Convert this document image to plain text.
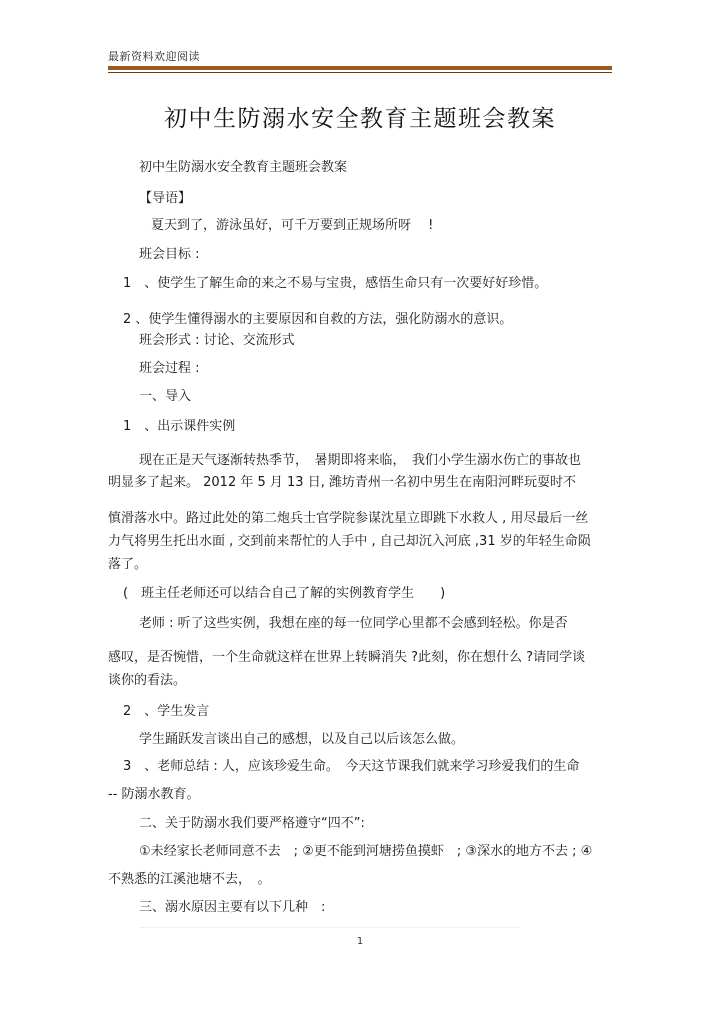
最新资料欢迎阅读
初中生防溺水安全教育主题班会教案
初中生防溺水安全教育主题班会教案
【导语】
夏天到了，游泳虽好，可千万要到正规场所呀　 !
班会目标 :
1　、使学生了解生命的来之不易与宝贵，感悟生命只有一次要好好珍惜。
2 、使学生懂得溺水的主要原因和自救的方法，强化防溺水的意识。
班会形式 : 讨论、交流形式
班会过程 :
一、导入
1　、出示课件实例
现在正是天气逐渐转热季节，　暑期即将来临，　我们小学生溺水伤亡的事故也
明显多了起来。 2012 年 5 月 13 日, 潍坊青州一名初中男生在南阳河畔玩耍时不
慎滑落水中。路过此处的第二炮兵士官学院参谋沈星立即跳下水救人 , 用尽最后一丝
力气将男生托出水面 , 交到前来帮忙的人手中 , 自己却沉入河底 ,31 岁的年轻生命陨
落了。
(　班主任老师还可以结合自己了解的实例教育学生　　)
老师 : 听了这些实例，我想在座的每一位同学心里都不会感到轻松。你是否
感叹，是否惋惜，一个生命就这样在世界上转瞬消失 ?此刻，你在想什么 ?请同学谈
谈你的看法。
2　、学生发言
学生踊跃发言谈出自己的感想，以及自己以后该怎么做。
3　、老师总结 : 人，应该珍爱生命。　今天这节课我们就来学习珍爱我们的生命
-- 防溺水教育。
二、关于防溺水我们要严格遵守“四不”:
①未经家长老师同意不去　; ②更不能到河塘捞鱼摸虾　; ③深水的地方不去 ; ④
不熟悉的江溪池塘不去，　。
三、溺水原因主要有以下几种　:
1
